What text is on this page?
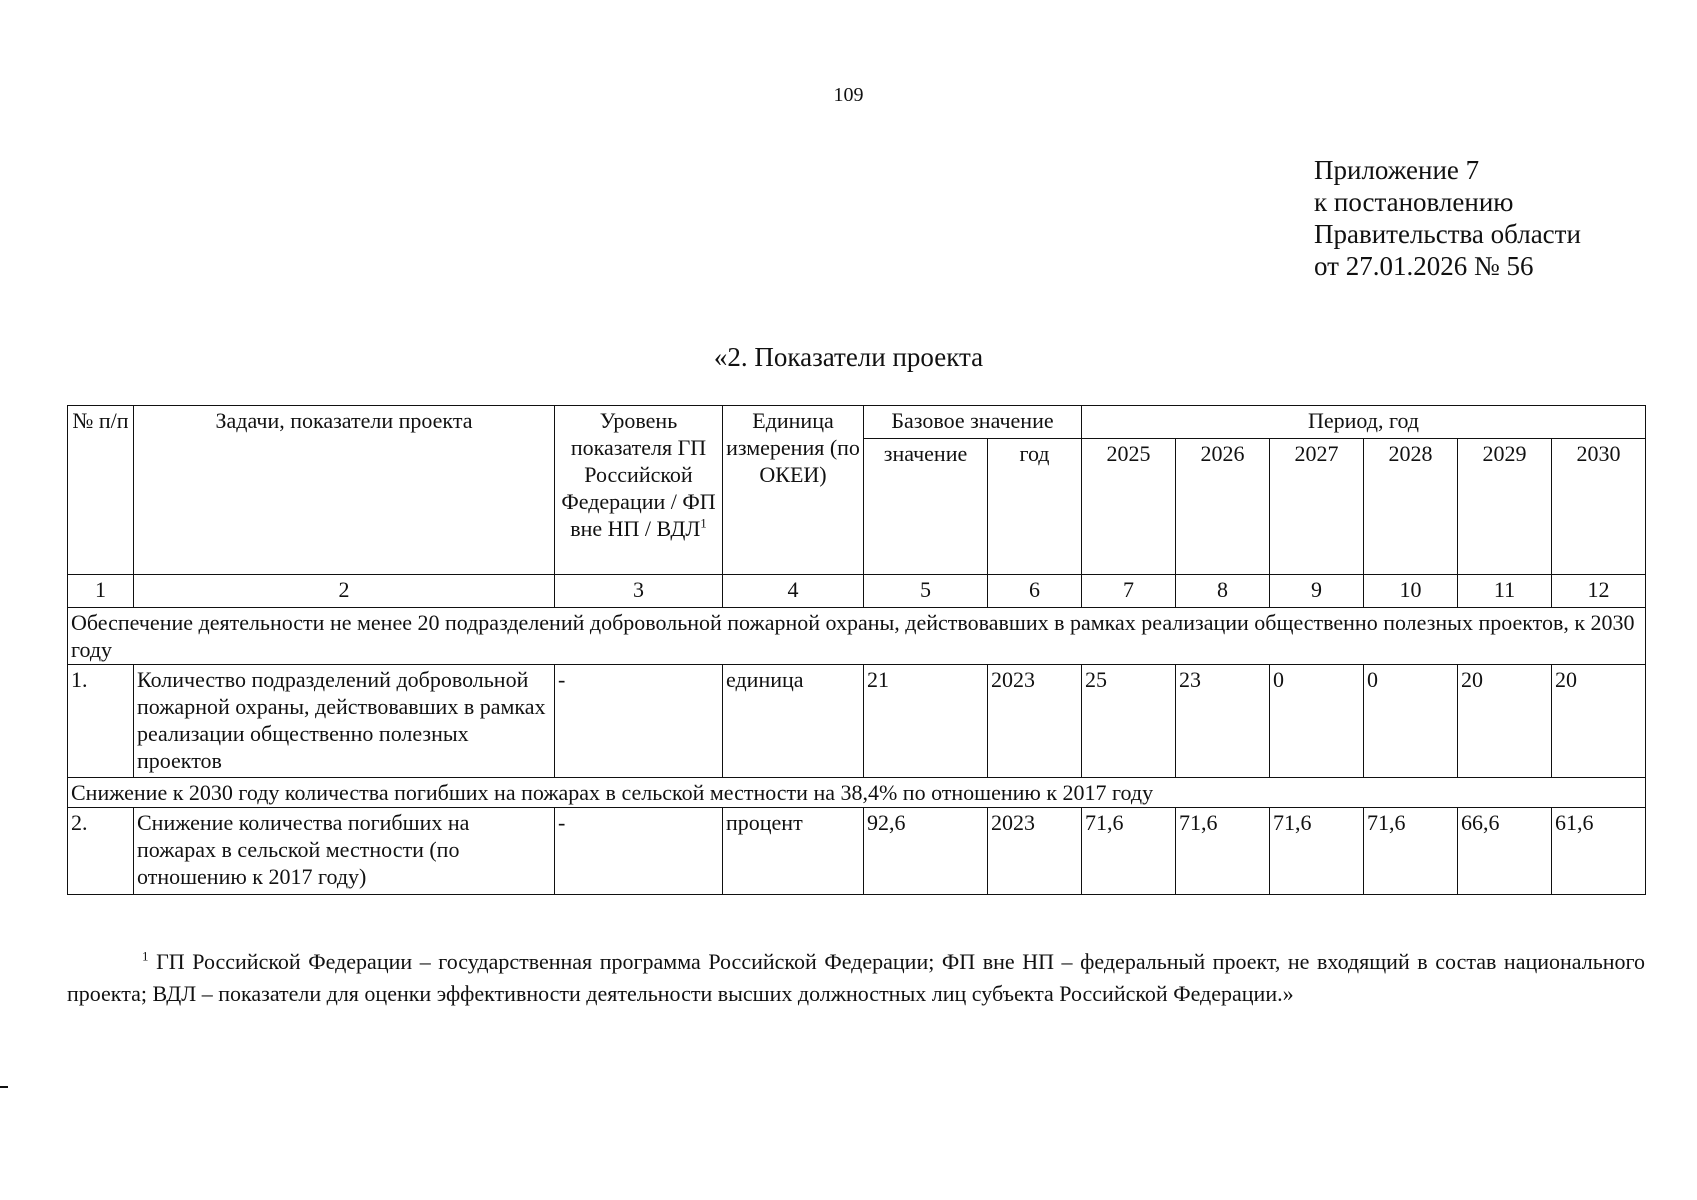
109
Приложение 7
к постановлению
Правительства области
от 27.01.2026 № 56
«2. Показатели проекта
№ п/п	Задачи, показатели проекта	Уровень показателя ГП Российской Федерации / ФП вне НП / ВДЛ$^1$	Единица измерения (по ОКЕИ)	Базовое значение		Период, год					
				значение	год	2025	2026	2027	2028	2029	2030
1	2	3	4	5	6	7	8	9	10	11	12
Обеспечение деятельности не менее 20 подразделений добровольной пожарной охраны, действовавших в рамках реализации общественно полезных проектов, к 2030 году											
1.	Количество подразделений добровольной пожарной охраны, действовавших в рамках реализации общественно полезных проектов	-	единица	21	2023	25	23	0	0	20	20
Снижение к 2030 году количества погибших на пожарах в сельской местности на 38,4% по отношению к 2017 году											
2.	Снижение количества погибших на пожарах в сельской местности (по отношению к 2017 году)	-	процент	92,6	2023	71,6	71,6	71,6	71,6	66,6	61,6
$^1$ ГП Российской Федерации – государственная программа Российской Федерации; ФП вне НП – федеральный проект, не входящий в состав национального проекта; ВДЛ – показатели для оценки эффективности деятельности высших должностных лиц субъекта Российской Федерации.»
